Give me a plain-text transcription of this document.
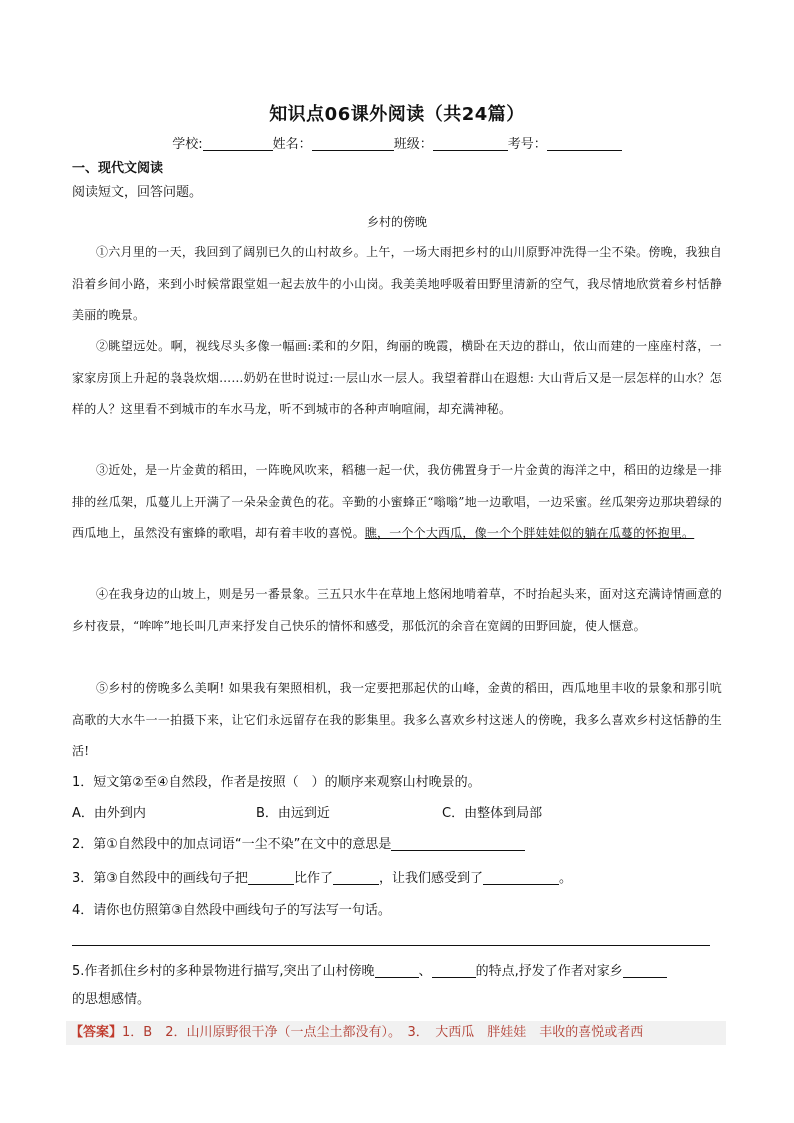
知识点06课外阅读（共24篇）
学校:	姓名：	班级：	考号：
一、现代文阅读
阅读短文，回答问题。
乡村的傍晚

①六月里的一天，我回到了阔别已久的山村故乡。上午，一场大雨把乡村的山川原野冲洗得一尘不染。傍晚，我独自沿着乡间小路，来到小时候常跟堂姐一起去放牛的小山岗。我美美地呼吸着田野里清新的空气，我尽情地欣赏着乡村恬静美丽的晚景。

②眺望远处。啊，视线尽头多像一幅画:柔和的夕阳，绚丽的晚霞，横卧在天边的群山，依山而建的一座座村落，一家家房顶上升起的袅袅炊烟……奶奶在世时说过:一层山水一层人。我望着群山在遐想: 大山背后又是一层怎样的山水？怎样的人？这里看不到城市的车水马龙，听不到城市的各种声响喧闹，却充满神秘。

③近处，是一片金黄的稻田，一阵晚风吹来，稻穗一起一伏，我仿佛置身于一片金黄的海洋之中，稻田的边缘是一排排的丝瓜架，瓜蔓儿上开满了一朵朵金黄色的花。辛勤的小蜜蜂正“嗡嗡”地一边歌唱，一边采蜜。丝瓜架旁边那块碧绿的西瓜地上，虽然没有蜜蜂的歌唱，却有着丰收的喜悦。瞧，一个个大西瓜，像一个个胖娃娃似的躺在瓜蔓的怀抱里。

④在我身边的山坡上，则是另一番景象。三五只水牛在草地上悠闲地啃着草，不时抬起头来，面对这充满诗情画意的乡村夜景，“哞哞”地长叫几声来抒发自己快乐的情怀和感受，那低沉的余音在宽阔的田野回旋，使人惬意。

⑤乡村的傍晚多么美啊! 如果我有架照相机，我一定要把那起伏的山峰，金黄的稻田，西瓜地里丰收的景象和那引吭高歌的大水牛一一拍摄下来，让它们永远留存在我的影集里。我多么喜欢乡村这迷人的傍晚，我多么喜欢乡村这恬静的生活!

1．短文第②至④自然段，作者是按照（　）的顺序来观察山村晚景的。

A．由外到内	B．由远到近	C．由整体到局部

2．第①自然段中的加点词语“一尘不染”在文中的意思是

3．第③自然段中的画线句子把	比作了	，让我们感受到了	。

4．请你也仿照第③自然段中画线句子的写法写一句话。

5.作者抓住乡村的多种景物进行描写,突出了山村傍晚	、	的特点,抒发了作者对家乡
的思想感情。

【答案】1．B　2．山川原野很干净（一点尘土都没有）。　3．　大西瓜　胖娃娃　丰收的喜悦或者西
